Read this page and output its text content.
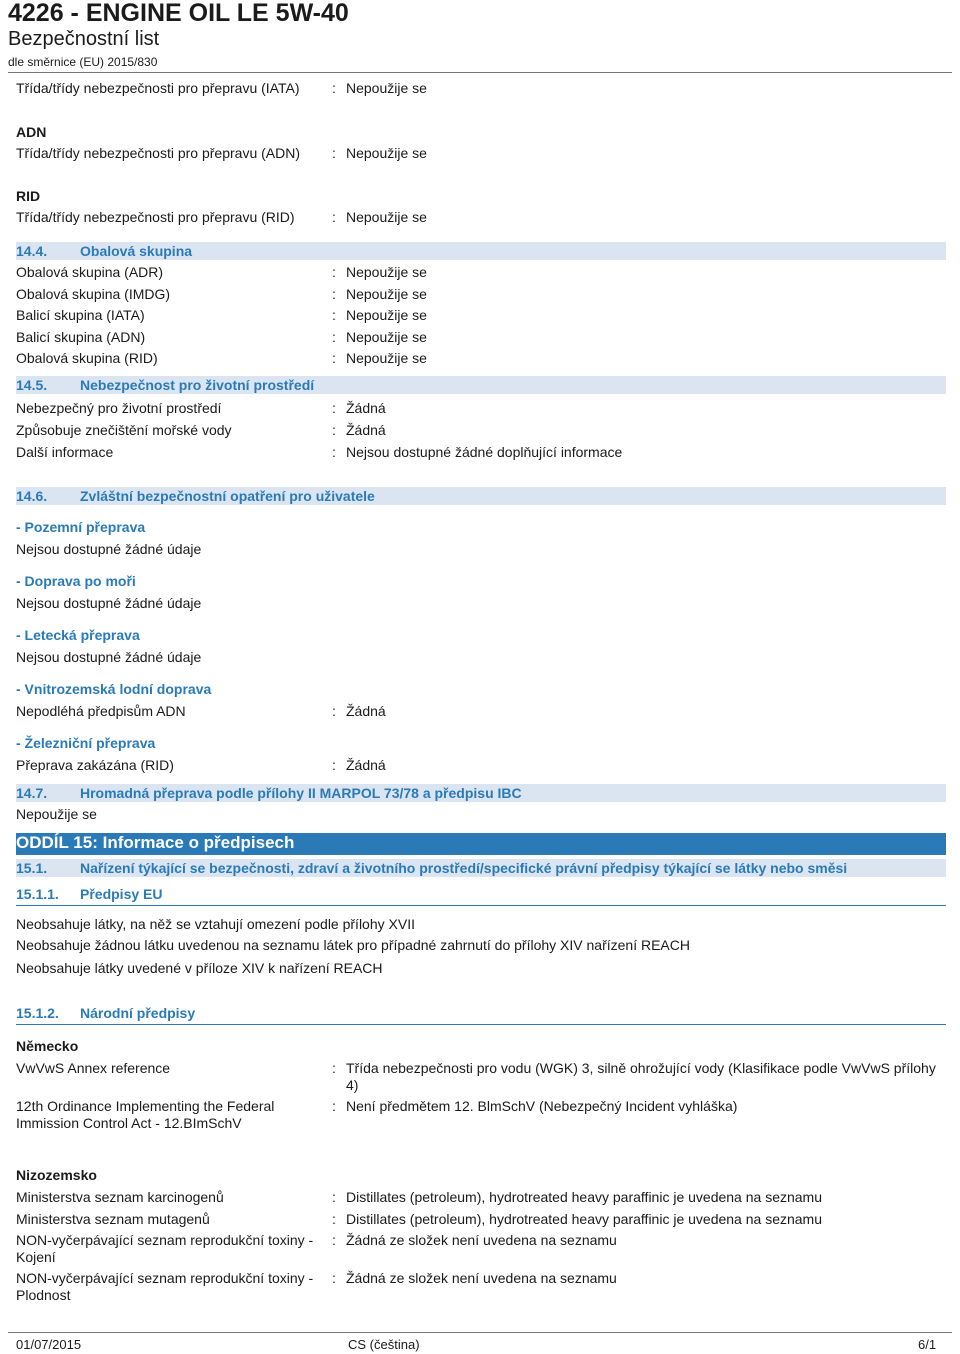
4226 - ENGINE OIL LE 5W-40
Bezpečnostní list
dle směrnice (EU) 2015/830
Třída/třídy nebezpečnosti pro přepravu (IATA)	: Nepoužije se
ADN
Třída/třídy nebezpečnosti pro přepravu (ADN)	: Nepoužije se
RID
Třída/třídy nebezpečnosti pro přepravu (RID)	: Nepoužije se
14.4. Obalová skupina
Obalová skupina (ADR)	: Nepoužije se
Obalová skupina (IMDG)	: Nepoužije se
Balicí skupina (IATA)	: Nepoužije se
Balicí skupina (ADN)	: Nepoužije se
Obalová skupina (RID)	: Nepoužije se
14.5. Nebezpečnost pro životní prostředí
Nebezpečný pro životní prostředí	: Žádná
Způsobuje znečištění mořské vody	: Žádná
Další informace	: Nejsou dostupné žádné doplňující informace
14.6. Zvláštní bezpečnostní opatření pro uživatele
- Pozemní přeprava
Nejsou dostupné žádné údaje
- Doprava po moři
Nejsou dostupné žádné údaje
- Letecká přeprava
Nejsou dostupné žádné údaje
- Vnitrozemská lodní doprava
Nepodléhá předpisům ADN	: Žádná
- Železniční přeprava
Přeprava zakázána (RID)	: Žádná
14.7. Hromadná přeprava podle přílohy II MARPOL 73/78 a předpisu IBC
Nepoužije se
ODDÍL 15: Informace o předpisech
15.1. Nařízení týkající se bezpečnosti, zdraví a životního prostředí/specifické právní předpisy týkající se látky nebo směsi
15.1.1. Předpisy EU
Neobsahuje látky, na něž se vztahují omezení podle přílohy XVII
Neobsahuje žádnou látku uvedenou na seznamu látek pro případné zahrnutí do přílohy XIV nařízení REACH
Neobsahuje látky uvedené v příloze XIV k nařízení REACH
15.1.2. Národní předpisy
Německo
VwVwS Annex reference	: Třída nebezpečnosti pro vodu (WGK) 3, silně ohrožující vody (Klasifikace podle VwVwS přílohy 4)
12th Ordinance Implementing the Federal Immission Control Act - 12.BImSchV
: Není předmětem 12. BlmSchV (Nebezpečný Incident vyhláška)
Nizozemsko
Ministerstva seznam karcinogenů	: Distillates (petroleum), hydrotreated heavy paraffinic je uvedena na seznamu
Ministerstva seznam mutagenů	: Distillates (petroleum), hydrotreated heavy paraffinic je uvedena na seznamu
NON-vyčerpávající seznam reprodukční toxiny - Kojení
: Žádná ze složek není uvedena na seznamu
NON-vyčerpávající seznam reprodukční toxiny - Plodnost
: Žádná ze složek není uvedena na seznamu
01/07/2015	CS (čeština)	6/1
